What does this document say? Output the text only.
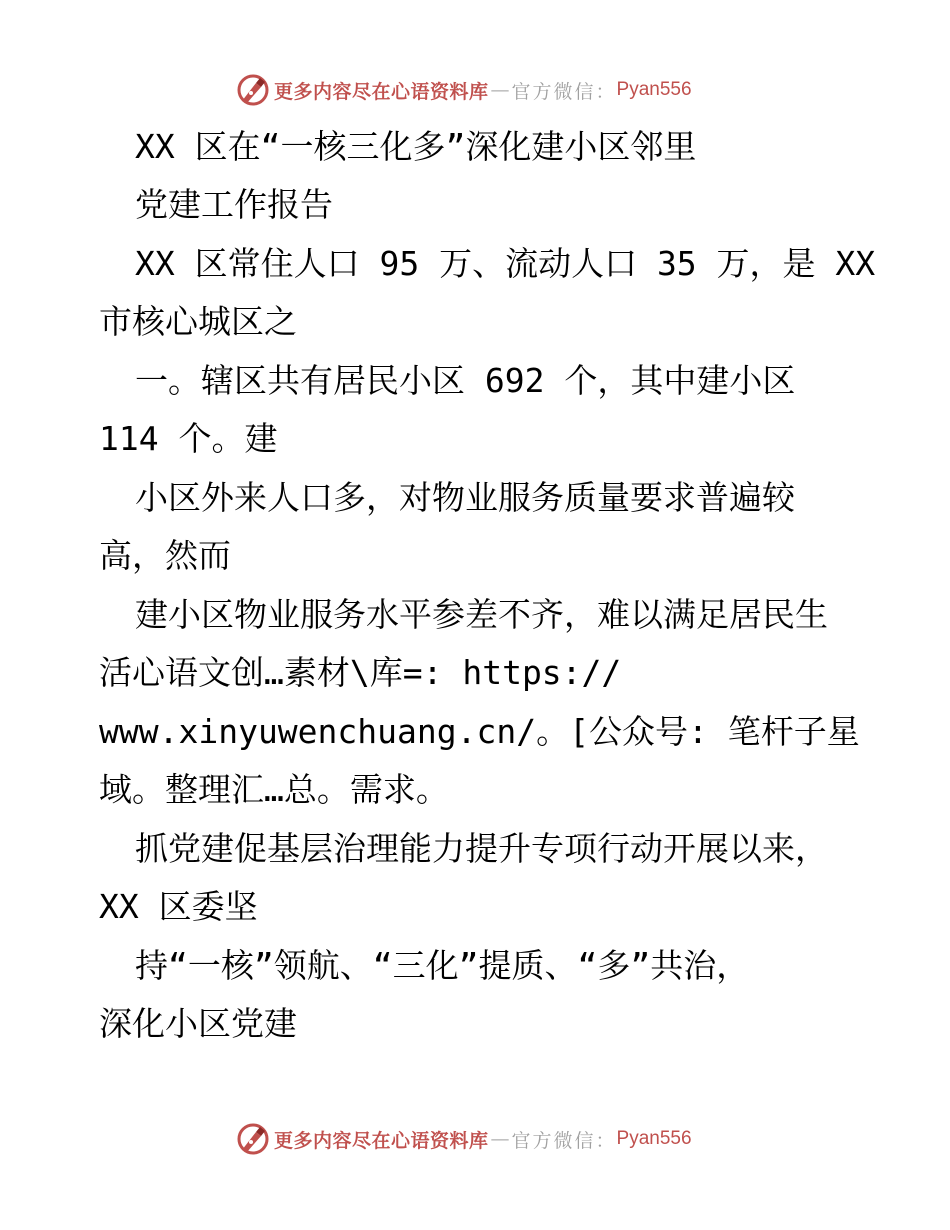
更多内容尽在心语资料库 — 官方微信： Pyan556
XX 区在“一核三化多”深化建小区邻里
党建工作报告
XX 区常住人口 95 万、流动人口 35 万，是 XX
市核心城区之
一。辖区共有居民小区 692 个，其中建小区
114 个。建
小区外来人口多，对物业服务质量要求普遍较
高，然而
建小区物业服务水平参差不齐，难以满足居民生
活心语文创…素材\库=: https://
www.xinyuwenchuang.cn/。[公众号: 笔杆子星
域。整理汇…总。需求。
抓党建促基层治理能力提升专项行动开展以来，
XX 区委坚
持“一核”领航、“三化”提质、“多”共治，
深化小区党建
更多内容尽在心语资料库 — 官方微信： Pyan556
